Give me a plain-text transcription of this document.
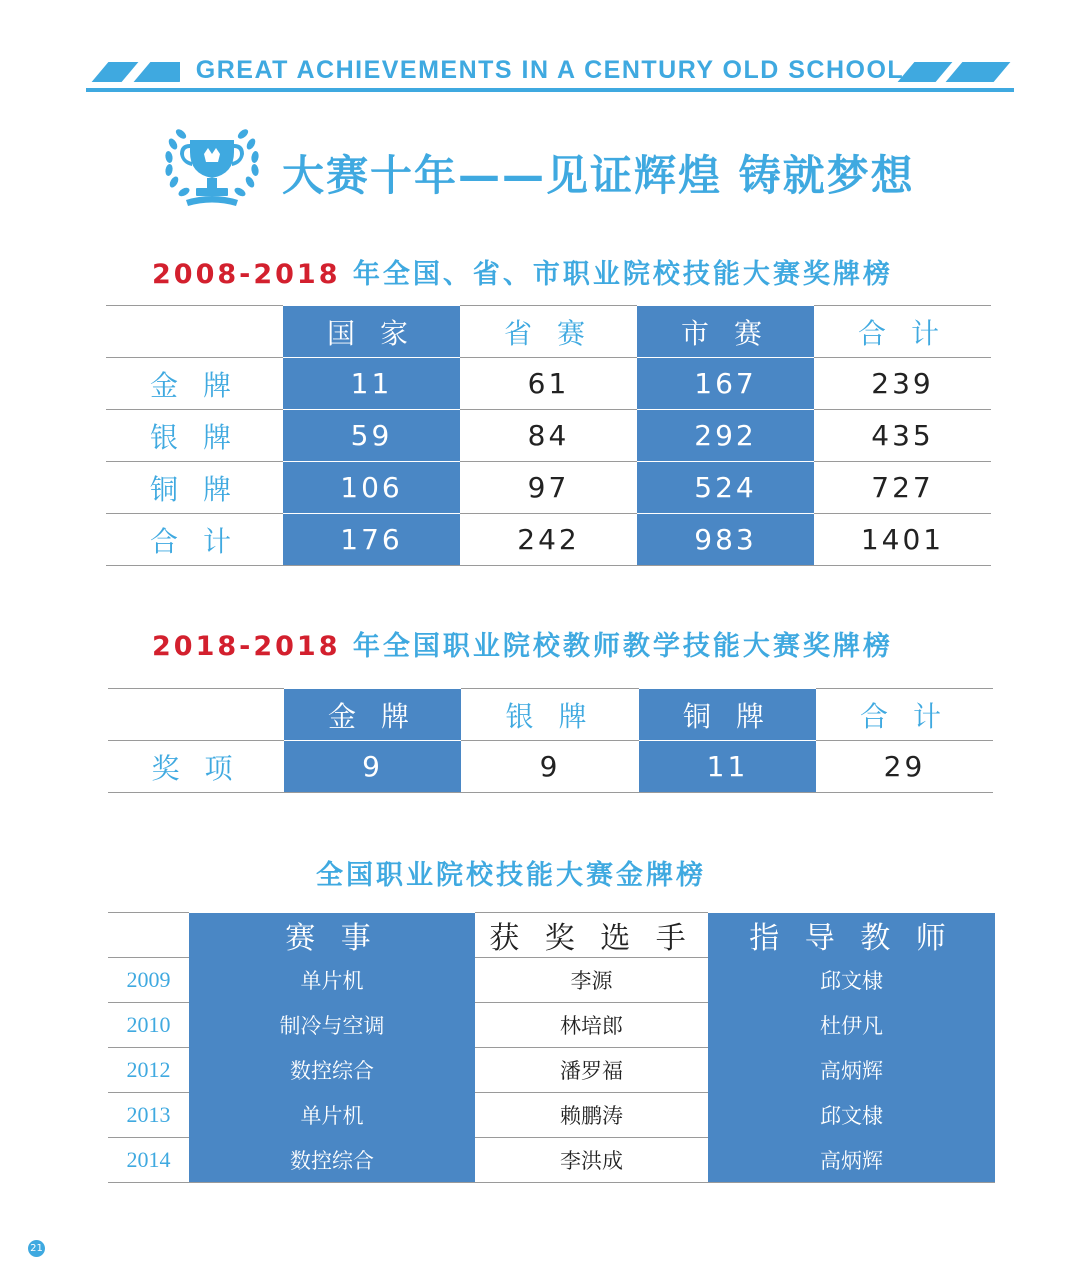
GREAT ACHIEVEMENTS IN A CENTURY OLD SCHOOL
大赛十年——见证辉煌 铸就梦想
2008-2018 年全国、省、市职业院校技能大赛奖牌榜
	国 家	省 赛	市 赛	合 计
金 牌	11	61	167	239
银 牌	59	84	292	435
铜 牌	106	97	524	727
合 计	176	242	983	1401
2018-2018 年全国职业院校教师教学技能大赛奖牌榜
	金 牌	银 牌	铜 牌	合 计
奖 项	9	9	11	29
全国职业院校技能大赛金牌榜
	赛 事	获 奖 选 手	指 导 教 师
2009	单片机	李源	邱文棣
2010	制冷与空调	林培郎	杜伊凡
2012	数控综合	潘罗福	高炳辉
2013	单片机	赖鹏涛	邱文棣
2014	数控综合	李洪成	高炳辉
21
